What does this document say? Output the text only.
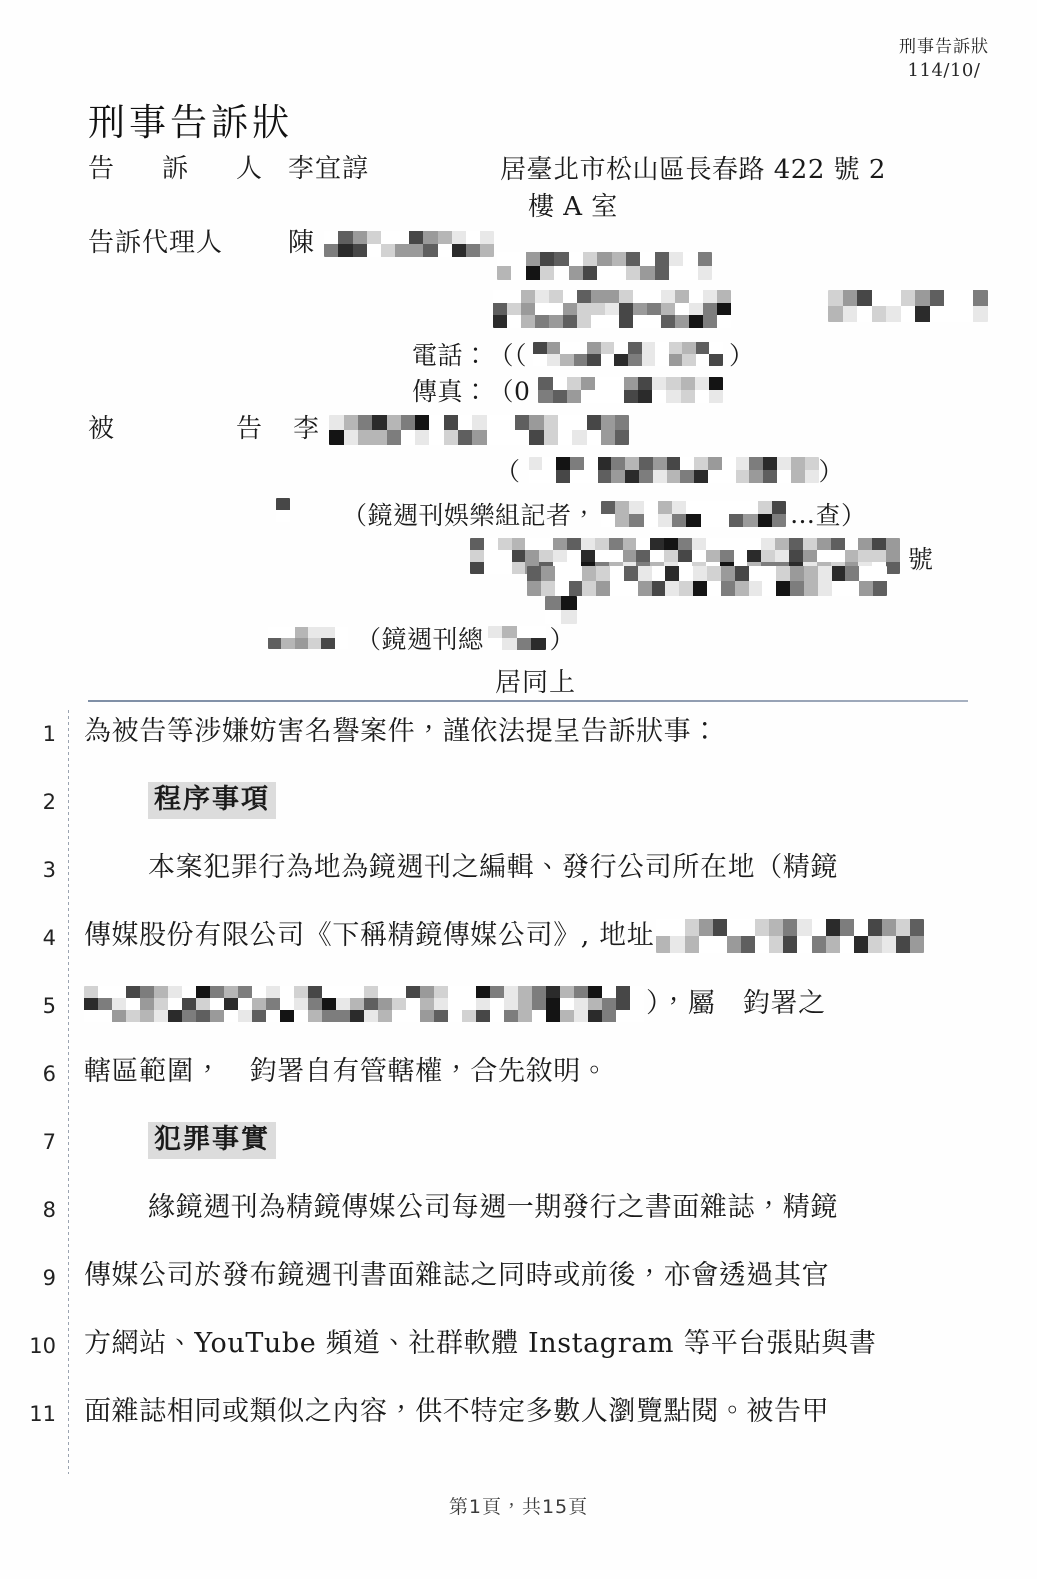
刑事告訴狀
114/10/
刑事告訴狀
告 訴 人 李宜諄	居臺北市松山區長春路 422 號 2
樓 A 室
告訴代理人	陳
電話： （（	）
傳真： （0
被	告 李
（	）
（鏡週刊娛樂組記者，	… 查）
號
（鏡週刊總	）
居同上
1 為被告等涉嫌妨害名譽案件，謹依法提呈告訴狀事：
2	程序事項
3	本案犯罪行為地為鏡週刊之編輯、發行公司所在地（精鏡
4 傳媒股份有限公司《下稱精鏡傳媒公司》, 地址
5	），屬　鈞署之
6 轄區範圍，　鈞署自有管轄權，合先敘明。
7	犯罪事實
8	緣鏡週刊為精鏡傳媒公司每週一期發行之書面雜誌，精鏡
9 傳媒公司於發布鏡週刊書面雜誌之同時或前後，亦會透過其官
10 方網站、YouTube 頻道、社群軟體 Instagram 等平台張貼與書
11 面雜誌相同或類似之內容，供不特定多數人瀏覽點閱。被告甲
第1頁，共15頁
